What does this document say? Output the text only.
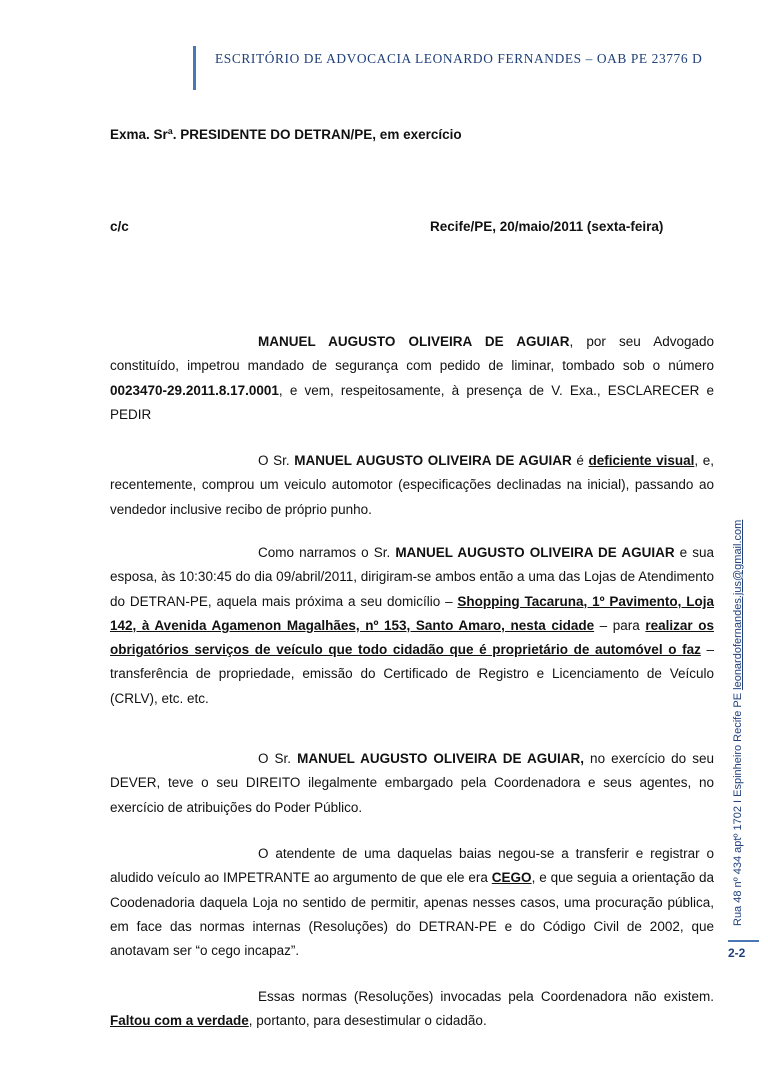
ESCRITÓRIO DE ADVOCACIA LEONARDO FERNANDES – OAB PE 23776 D
Exma. Srª. PRESIDENTE DO DETRAN/PE, em exercício
c/c	Recife/PE, 20/maio/2011 (sexta-feira)
MANUEL AUGUSTO OLIVEIRA DE AGUIAR, por seu Advogado constituído, impetrou mandado de segurança com pedido de liminar, tombado sob o número 0023470-29.2011.8.17.0001, e vem, respeitosamente, à presença de V. Exa., ESCLARECER e PEDIR
O Sr. MANUEL AUGUSTO OLIVEIRA DE AGUIAR é deficiente visual, e, recentemente, comprou um veiculo automotor (especificações declinadas na inicial), passando ao vendedor inclusive recibo de próprio punho.
Como narramos o Sr. MANUEL AUGUSTO OLIVEIRA DE AGUIAR e sua esposa, às 10:30:45 do dia 09/abril/2011, dirigiram-se ambos então a uma das Lojas de Atendimento do DETRAN-PE, aquela mais próxima a seu domicílio – Shopping Tacaruna, 1º Pavimento, Loja 142, à Avenida Agamenon Magalhães, nº 153, Santo Amaro, nesta cidade – para realizar os obrigatórios serviços de veículo que todo cidadão que é proprietário de automóvel o faz – transferência de propriedade, emissão do Certificado de Registro e Licenciamento de Veículo (CRLV), etc. etc.
O Sr. MANUEL AUGUSTO OLIVEIRA DE AGUIAR, no exercício do seu DEVER, teve o seu DIREITO ilegalmente embargado pela Coordenadora e seus agentes, no exercício de atribuições do Poder Público.
O atendente de uma daquelas baias negou-se a transferir e registrar o aludido veículo ao IMPETRANTE ao argumento de que ele era CEGO, e que seguia a orientação da Coodenadoria daquela Loja no sentido de permitir, apenas nesses casos, uma procuração pública, em face das normas internas (Resoluções) do DETRAN-PE e do Código Civil de 2002, que anotavam ser “o cego incapaz”.
Essas normas (Resoluções) invocadas pela Coordenadora não existem. Faltou com a verdade, portanto, para desestimular o cidadão.
Rua 48 nº 434 aptº 1702 I Espinheiro Recife PE leonardofernandes.jus@gmail.com
2-2
